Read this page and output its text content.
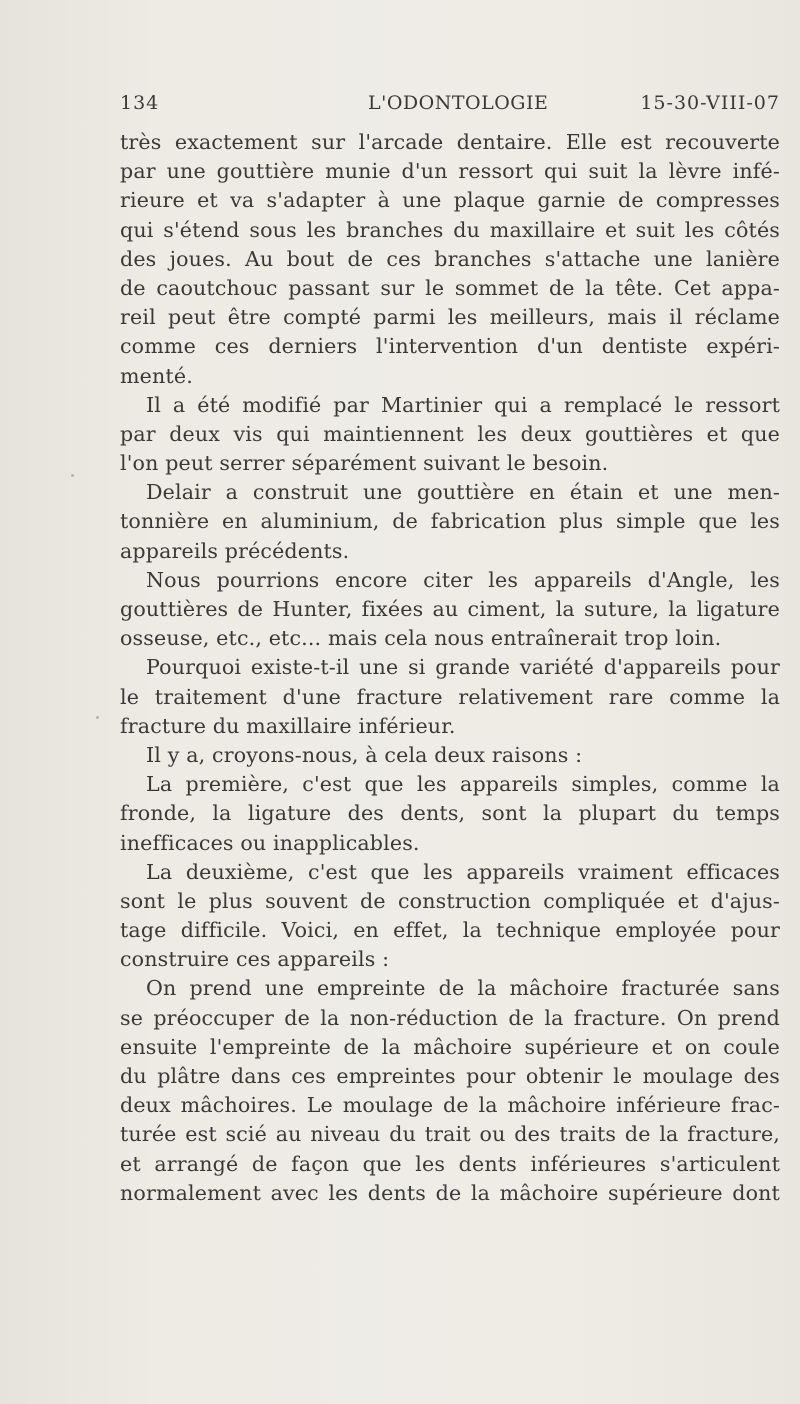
134	L'ODONTOLOGIE	15-30-VIII-07
très exactement sur l'arcade dentaire. Elle est recouverte
par une gouttière munie d'un ressort qui suit la lèvre infé-
rieure et va s'adapter à une plaque garnie de compresses
qui s'étend sous les branches du maxillaire et suit les côtés
des joues. Au bout de ces branches s'attache une lanière
de caoutchouc passant sur le sommet de la tête. Cet appa-
reil peut être compté parmi les meilleurs, mais il réclame
comme ces derniers l'intervention d'un dentiste expéri-
menté.
Il a été modifié par Martinier qui a remplacé le ressort
par deux vis qui maintiennent les deux gouttières et que
l'on peut serrer séparément suivant le besoin.
Delair a construit une gouttière en étain et une men-
tonnière en aluminium, de fabrication plus simple que les
appareils précédents.
Nous pourrions encore citer les appareils d'Angle, les
gouttières de Hunter, fixées au ciment, la suture, la ligature
osseuse, etc., etc... mais cela nous entraînerait trop loin.
Pourquoi existe-t-il une si grande variété d'appareils pour
le traitement d'une fracture relativement rare comme la
fracture du maxillaire inférieur.
Il y a, croyons-nous, à cela deux raisons :
La première, c'est que les appareils simples, comme la
fronde, la ligature des dents, sont la plupart du temps
inefficaces ou inapplicables.
La deuxième, c'est que les appareils vraiment efficaces
sont le plus souvent de construction compliquée et d'ajus-
tage difficile. Voici, en effet, la technique employée pour
construire ces appareils :
On prend une empreinte de la mâchoire fracturée sans
se préoccuper de la non-réduction de la fracture. On prend
ensuite l'empreinte de la mâchoire supérieure et on coule
du plâtre dans ces empreintes pour obtenir le moulage des
deux mâchoires. Le moulage de la mâchoire inférieure frac-
turée est scié au niveau du trait ou des traits de la fracture,
et arrangé de façon que les dents inférieures s'articulent
normalement avec les dents de la mâchoire supérieure dont
